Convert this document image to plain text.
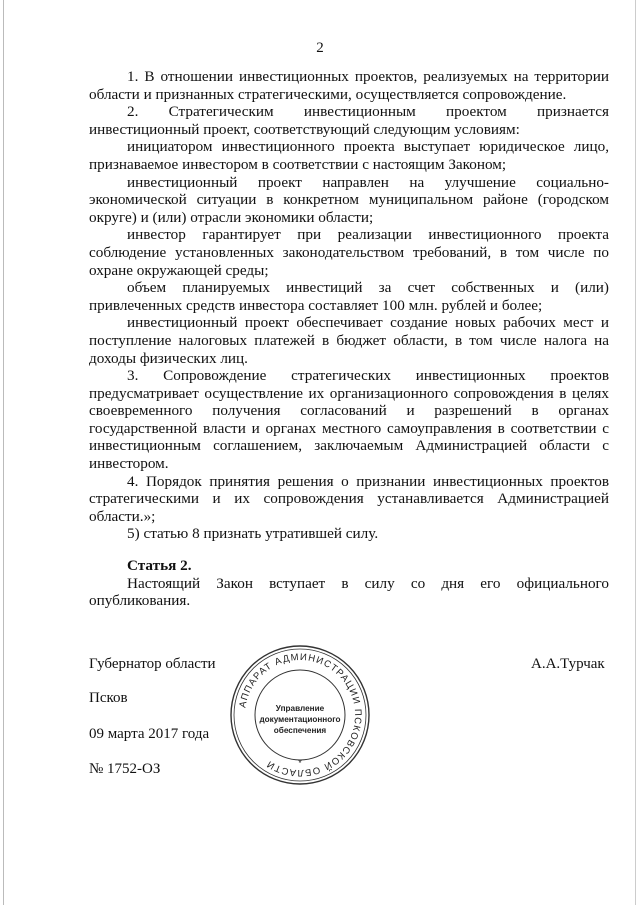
2

1. В отношении инвестиционных проектов, реализуемых на территории области и признанных стратегическими, осуществляется сопровождение.

2. Стратегическим инвестиционным проектом признается инвестиционный проект, соответствующий следующим условиям:

инициатором инвестиционного проекта выступает юридическое лицо, признаваемое инвестором в соответствии с настоящим Законом;

инвестиционный проект направлен на улучшение социально-экономической ситуации в конкретном муниципальном районе (городском округе) и (или) отрасли экономики области;

инвестор гарантирует при реализации инвестиционного проекта соблюдение установленных законодательством требований, в том числе по охране окружающей среды;

объем планируемых инвестиций за счет собственных и (или) привлеченных средств инвестора составляет 100 млн. рублей и более;

инвестиционный проект обеспечивает создание новых рабочих мест и поступление налоговых платежей в бюджет области, в том числе налога на доходы физических лиц.

3. Сопровождение стратегических инвестиционных проектов предусматривает осуществление их организационного сопровождения в целях своевременного получения согласований и разрешений в органах государственной власти и органах местного самоуправления в соответствии с инвестиционным соглашением, заключаемым Администрацией области с инвестором.

4. Порядок принятия решения о признании инвестиционных проектов стратегическими и их сопровождения устанавливается Администрацией области.»;

5) статью 8 признать утратившей силу.

Статья 2.

Настоящий Закон вступает в силу со дня его официального опубликования.

Губернатор области	А.А.Турчак
Псков
09 марта 2017 года
№ 1752-ОЗ
АППАРАТ АДМИНИСТРАЦИИ ПСКОВСКОЙ ОБЛАСТИ
Управление
документационного
обеспечения
*
